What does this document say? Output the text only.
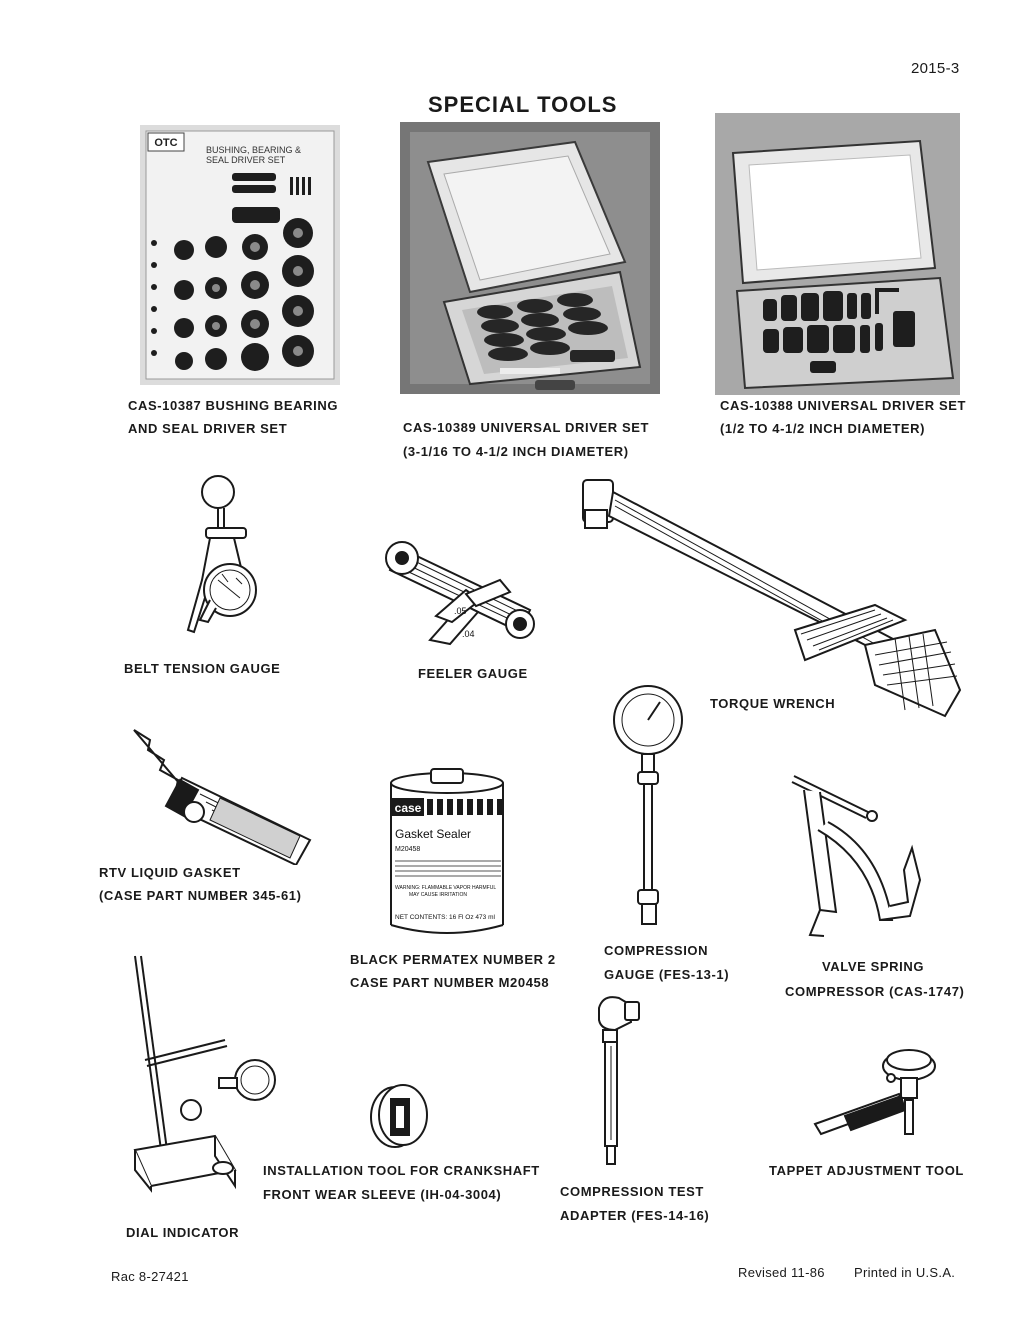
2015-3
SPECIAL TOOLS
OTC
BUSHING, BEARING &
SEAL DRIVER SET
CAS-10387 BUSHING BEARING
AND SEAL DRIVER SET	CAS-10389 UNIVERSAL DRIVER SET
(3-1/16 TO 4-1/2 INCH DIAMETER)
CAS-10388 UNIVERSAL DRIVER SET
(1/2 TO 4-1/2 INCH DIAMETER)
BELT TENSION GAUGE
.05
.04
FEELER GAUGE
TORQUE WRENCH
RTV LIQUID GASKET
(CASE PART NUMBER 345-61)
case
Gasket Sealer
M20458
WARNING: FLAMMABLE VAPOR HARMFUL
MAY CAUSE IRRITATION
NET CONTENTS: 16 Fl Oz 473 ml
BLACK PERMATEX NUMBER 2
CASE PART NUMBER M20458
COMPRESSION
GAUGE (FES-13-1)
VALVE SPRING
COMPRESSOR (CAS-1747)
DIAL INDICATOR
INSTALLATION TOOL FOR CRANKSHAFT
FRONT WEAR SLEEVE (IH-04-3004)	COMPRESSION TEST
ADAPTER (FES-14-16)
TAPPET ADJUSTMENT TOOL
Rac 8-27421	Revised 11-86 Printed in U.S.A.
